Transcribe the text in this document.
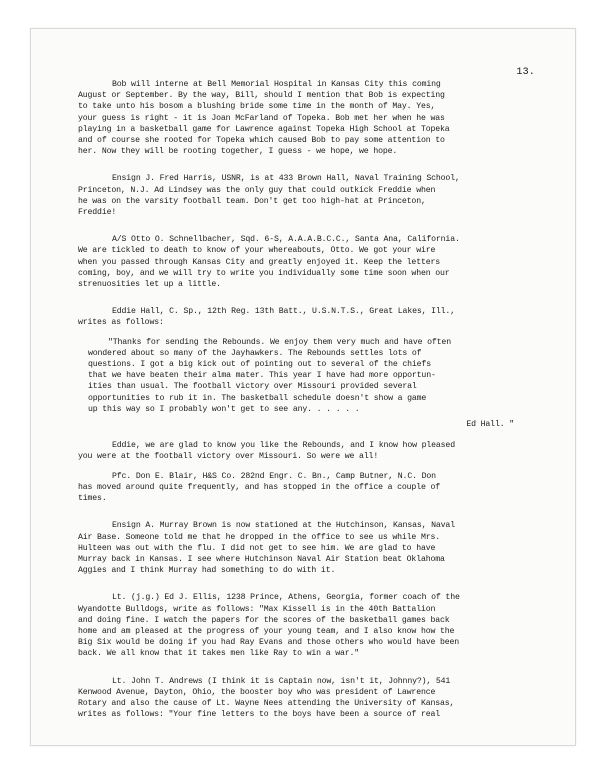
13.

Bob will interne at Bell Memorial Hospital in Kansas City this coming
August or September. By the way, Bill, should I mention that Bob is expecting
to take unto his bosom a blushing bride some time in the month of May. Yes,
your guess is right - it is Joan McFarland of Topeka. Bob met her when he was
playing in a basketball game for Lawrence against Topeka High School at Topeka
and of course she rooted for Topeka which caused Bob to pay some attention to
her. Now they will be rooting together, I guess - we hope, we hope.

Ensign J. Fred Harris, USNR, is at 433 Brown Hall, Naval Training School,
Princeton, N.J. Ad Lindsey was the only guy that could outkick Freddie when
he was on the varsity football team. Don't get too high-hat at Princeton,
Freddie!

A/S Otto O. Schnellbacher, Sqd. 6-S, A.A.A.B.C.C., Santa Ana, California.
We are tickled to death to know of your whereabouts, Otto. We got your wire
when you passed through Kansas City and greatly enjoyed it. Keep the letters
coming, boy, and we will try to write you individually some time soon when our
strenuosities let up a little.

Eddie Hall, C. Sp., 12th Reg. 13th Batt., U.S.N.T.S., Great Lakes, Ill.,
writes as follows:

"Thanks for sending the Rebounds. We enjoy them very much and have often
wondered about so many of the Jayhawkers. The Rebounds settles lots of
questions. I got a big kick out of pointing out to several of the chiefs
that we have beaten their alma mater. This year I have had more opportun-
ities than usual. The football victory over Missouri provided several
opportunities to rub it in. The basketball schedule doesn't show a game
up this way so I probably won't get to see any. . . . . .

Ed Hall. "

Eddie, we are glad to know you like the Rebounds, and I know how pleased
you were at the football victory over Missouri. So were we all!

Pfc. Don E. Blair, H&S Co. 282nd Engr. C. Bn., Camp Butner, N.C. Don
has moved around quite frequently, and has stopped in the office a couple of
times.

Ensign A. Murray Brown is now stationed at the Hutchinson, Kansas, Naval
Air Base. Someone told me that he dropped in the office to see us while Mrs.
Hulteen was out with the flu. I did not get to see him. We are glad to have
Murray back in Kansas. I see where Hutchinson Naval Air Station beat Oklahoma
Aggies and I think Murray had something to do with it.

Lt. (j.g.) Ed J. Ellis, 1238 Prince, Athens, Georgia, former coach of the
Wyandotte Bulldogs, write as follows: "Max Kissell is in the 40th Battalion
and doing fine. I watch the papers for the scores of the basketball games back
home and am pleased at the progress of your young team, and I also know how the
Big Six would be doing if you had Ray Evans and those others who would have been
back. We all know that it takes men like Ray to win a war."

Lt. John T. Andrews (I think it is Captain now, isn't it, Johnny?), 541
Kenwood Avenue, Dayton, Ohio, the booster boy who was president of Lawrence
Rotary and also the cause of Lt. Wayne Nees attending the University of Kansas,
writes as follows: "Your fine letters to the boys have been a source of real
